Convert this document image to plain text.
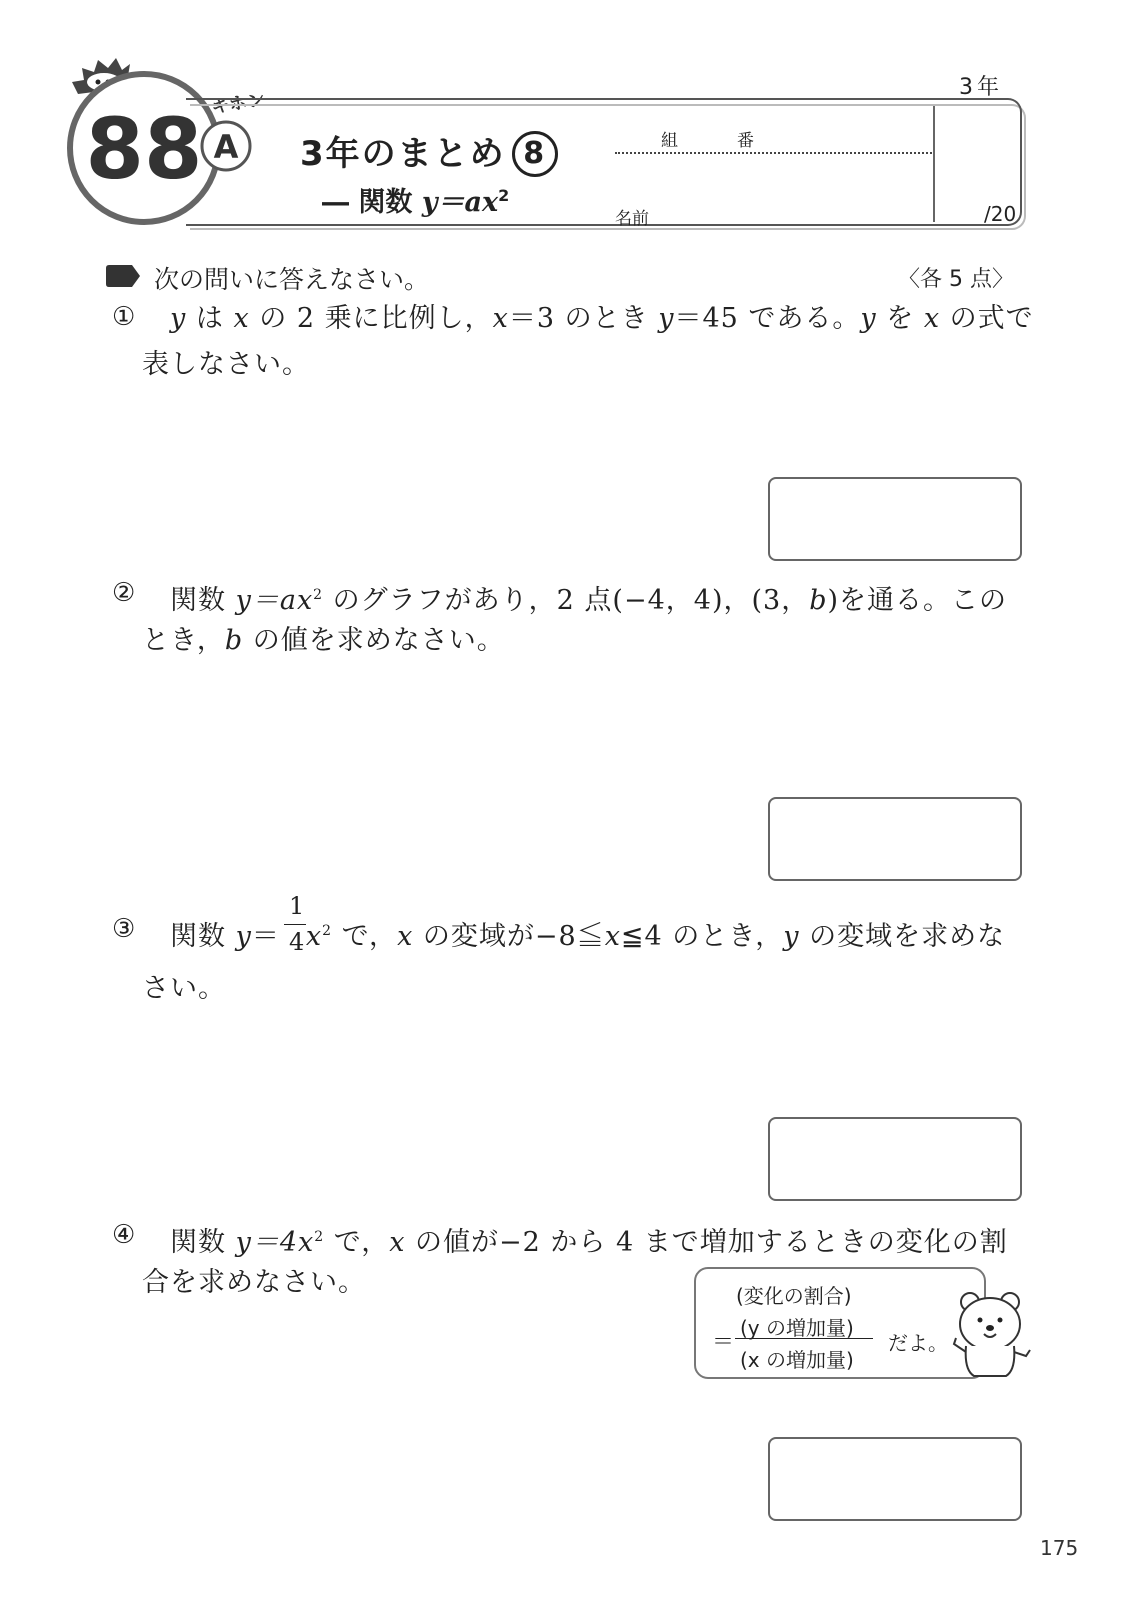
3年
88 A
キホン
3年のまとめ 8
― 関数 $y=ax^2$
組	番
名前	/20
次の問いに答えなさい。	〈各 5 点〉
① y は x の 2 乗に比例し，x＝3 のとき y＝45 である。y を x の式で
表しなさい。
② 関数 $y=ax^2$ のグラフがあり，2 点(−4，4)，(3，b)を通る。この
とき，b の値を求めなさい。
③ 関数 $y= x^2$ で，x の変域が−8≦x≦4 のとき，y の変域を求めな
1
4
さい。
④ 関数 $y=4x^2$ で，x の値が−2 から 4 まで増加するときの変化の割
合を求めなさい。	(変化の割合)
＝
(y の増加量)
(x の増加量)
だよ。
175
